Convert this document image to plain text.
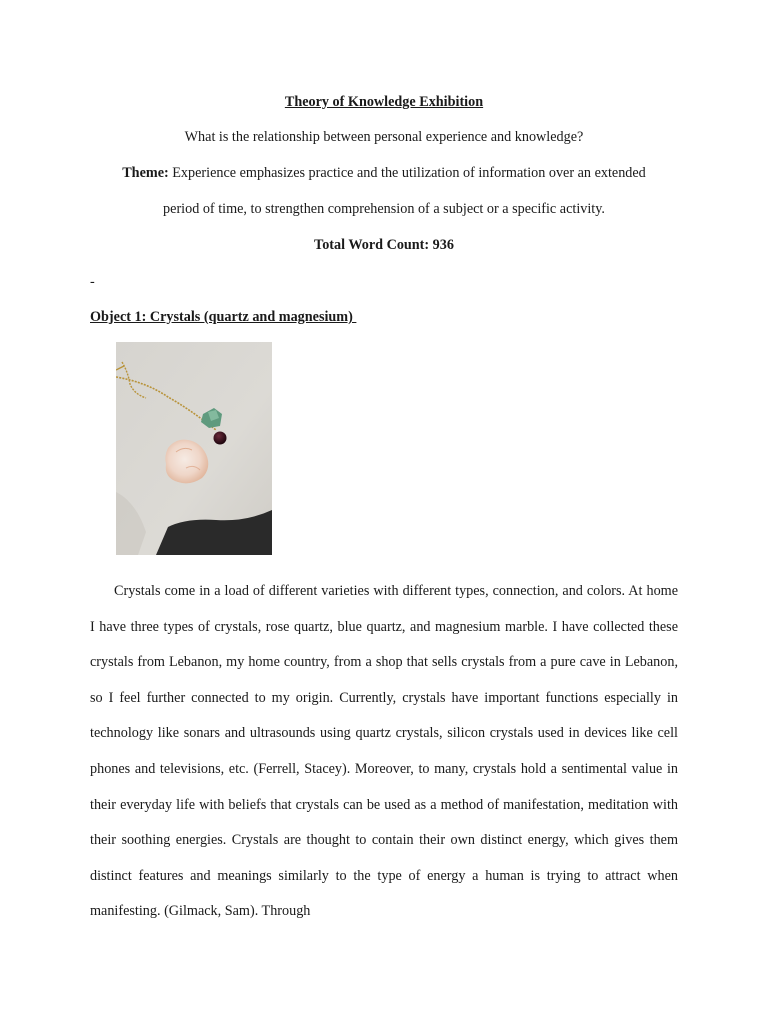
Theory of Knowledge Exhibition
What is the relationship between personal experience and knowledge?
Theme: Experience emphasizes practice and the utilization of information over an extended
period of time, to strengthen comprehension of a subject or a specific activity.
Total Word Count: 936
-
Object 1: Crystals (quartz and magnesium)

Crystals come in a load of different varieties with different types, connection, and colors. At home I have three types of crystals, rose quartz, blue quartz, and magnesium marble. I have collected these crystals from Lebanon, my home country, from a shop that sells crystals from a pure cave in Lebanon, so I feel further connected to my origin. Currently, crystals have important functions especially in technology like sonars and ultrasounds using quartz crystals, silicon crystals used in devices like cell phones and televisions, etc. (Ferrell, Stacey). Moreover, to many, crystals hold a sentimental value in their everyday life with beliefs that crystals can be used as a method of manifestation, meditation with their soothing energies. Crystals are thought to contain their own distinct energy, which gives them distinct features and meanings similarly to the type of energy a human is trying to attract when manifesting. (Gilmack, Sam). Through
